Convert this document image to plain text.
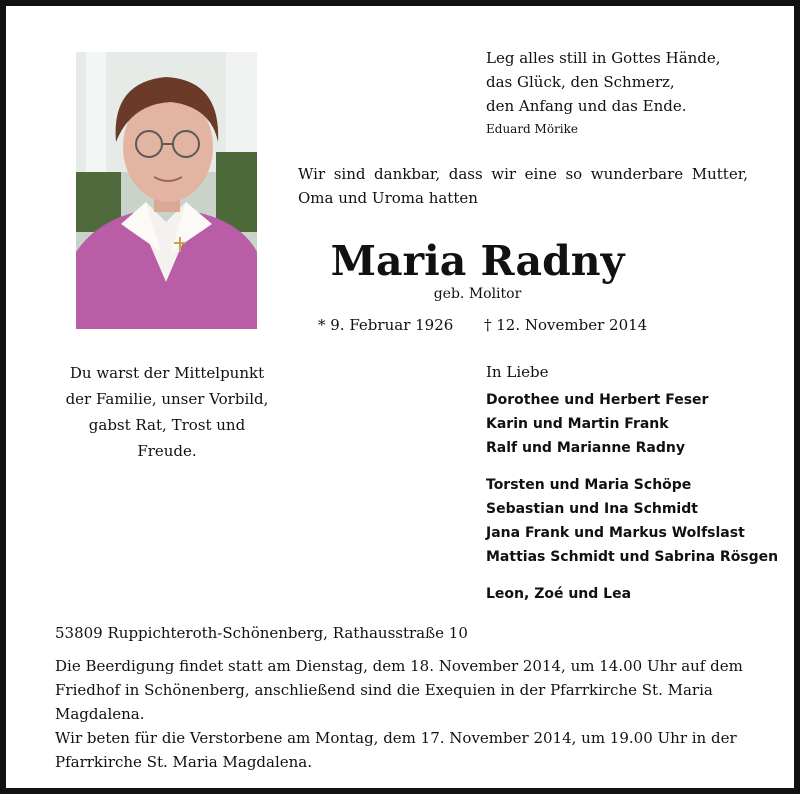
Leg alles still in Gottes Hände,
das Glück, den Schmerz,
den Anfang und das Ende.
Eduard Mörike
Wir sind dankbar, dass wir eine so wunderbare Mutter, Oma und Uroma hatten
Maria Radny
geb. Molitor
* 9. Februar 1926 † 12. November 2014
Du warst der Mittelpunkt
der Familie, unser Vorbild,
gabst Rat, Trost und Freude.
In Liebe
Dorothee und Herbert Feser
Karin und Martin Frank
Ralf und Marianne Radny
Torsten und Maria Schöpe
Sebastian und Ina Schmidt
Jana Frank und Markus Wolfslast
Mattias Schmidt und Sabrina Rösgen
Leon, Zoé und Lea
53809 Ruppichteroth-Schönenberg, Rathausstraße 10
Die Beerdigung findet statt am Dienstag, dem 18. November 2014, um 14.00 Uhr auf dem Friedhof in Schönenberg, anschließend sind die Exequien in der Pfarrkirche St. Maria Magdalena.
Wir beten für die Verstorbene am Montag, dem 17. November 2014, um 19.00 Uhr in der Pfarrkirche St. Maria Magdalena.
